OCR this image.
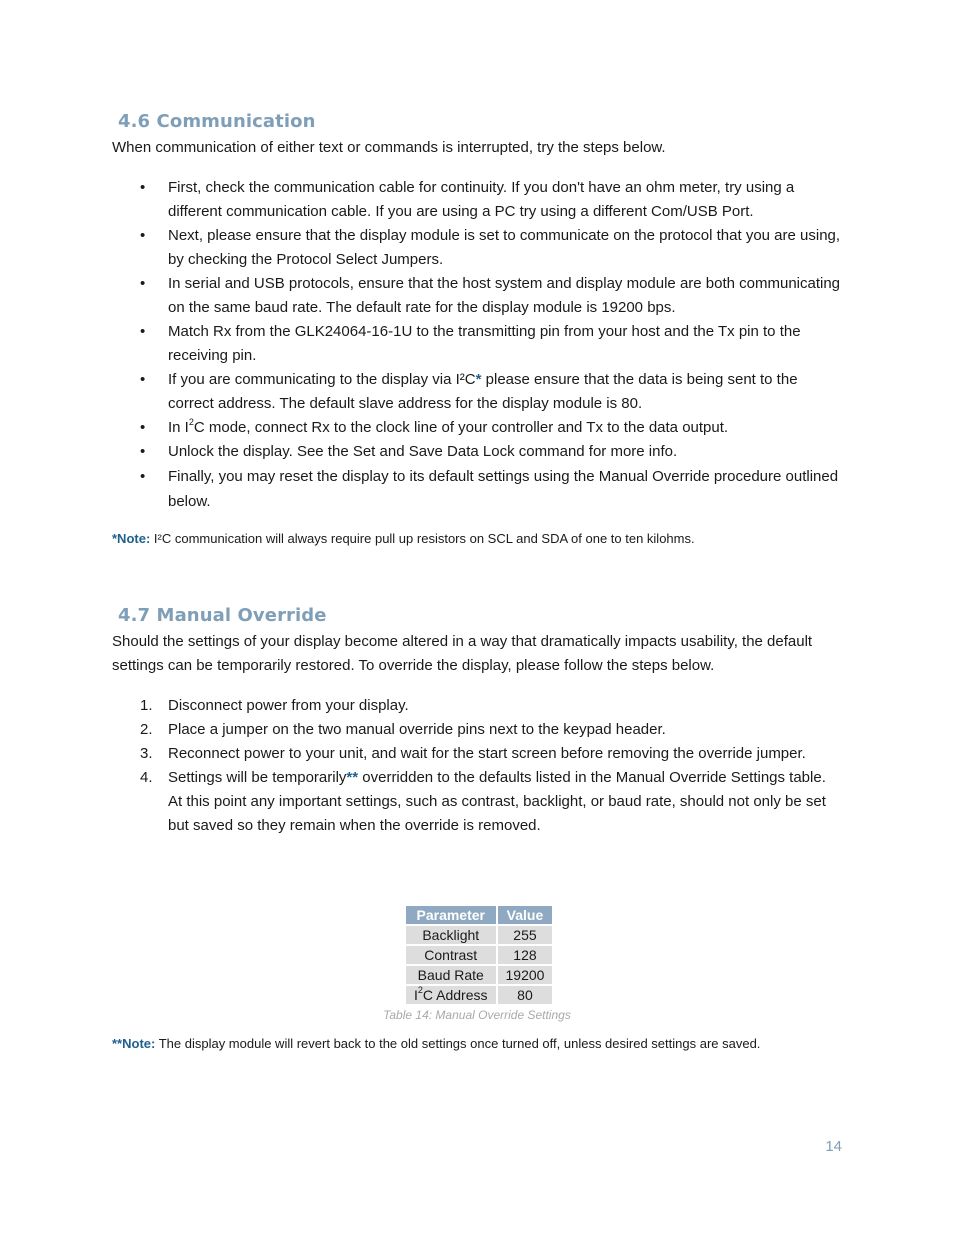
4.6 Communication

When communication of either text or commands is interrupted, try the steps below.

• First, check the communication cable for continuity. If you don't have an ohm meter, try using a different communication cable. If you are using a PC try using a different Com/USB Port.
• Next, please ensure that the display module is set to communicate on the protocol that you are using, by checking the Protocol Select Jumpers.
• In serial and USB protocols, ensure that the host system and display module are both communicating on the same baud rate. The default rate for the display module is 19200 bps.
• Match Rx from the GLK24064-16-1U to the transmitting pin from your host and the Tx pin to the receiving pin.
• If you are communicating to the display via I²C* please ensure that the data is being sent to the correct address. The default slave address for the display module is 80.
• In $I^2C$ mode, connect Rx to the clock line of your controller and Tx to the data output.
• Unlock the display. See the Set and Save Data Lock command for more info.
• Finally, you may reset the display to its default settings using the Manual Override procedure outlined below.

*Note: I²C communication will always require pull up resistors on SCL and SDA of one to ten kilohms.

4.7 Manual Override

Should the settings of your display become altered in a way that dramatically impacts usability, the default settings can be temporarily restored. To override the display, please follow the steps below.

1. Disconnect power from your display.
2. Place a jumper on the two manual override pins next to the keypad header.
3. Reconnect power to your unit, and wait for the start screen before removing the override jumper.
4. Settings will be temporarily** overridden to the defaults listed in the Manual Override Settings table. At this point any important settings, such as contrast, backlight, or baud rate, should not only be set but saved so they remain when the override is removed.
Parameter	Value
Backlight	255
Contrast	128
Baud Rate	19200
$I^2C$ Address	80
Table 14: Manual Override Settings

**Note: The display module will revert back to the old settings once turned off, unless desired settings are saved.

14
